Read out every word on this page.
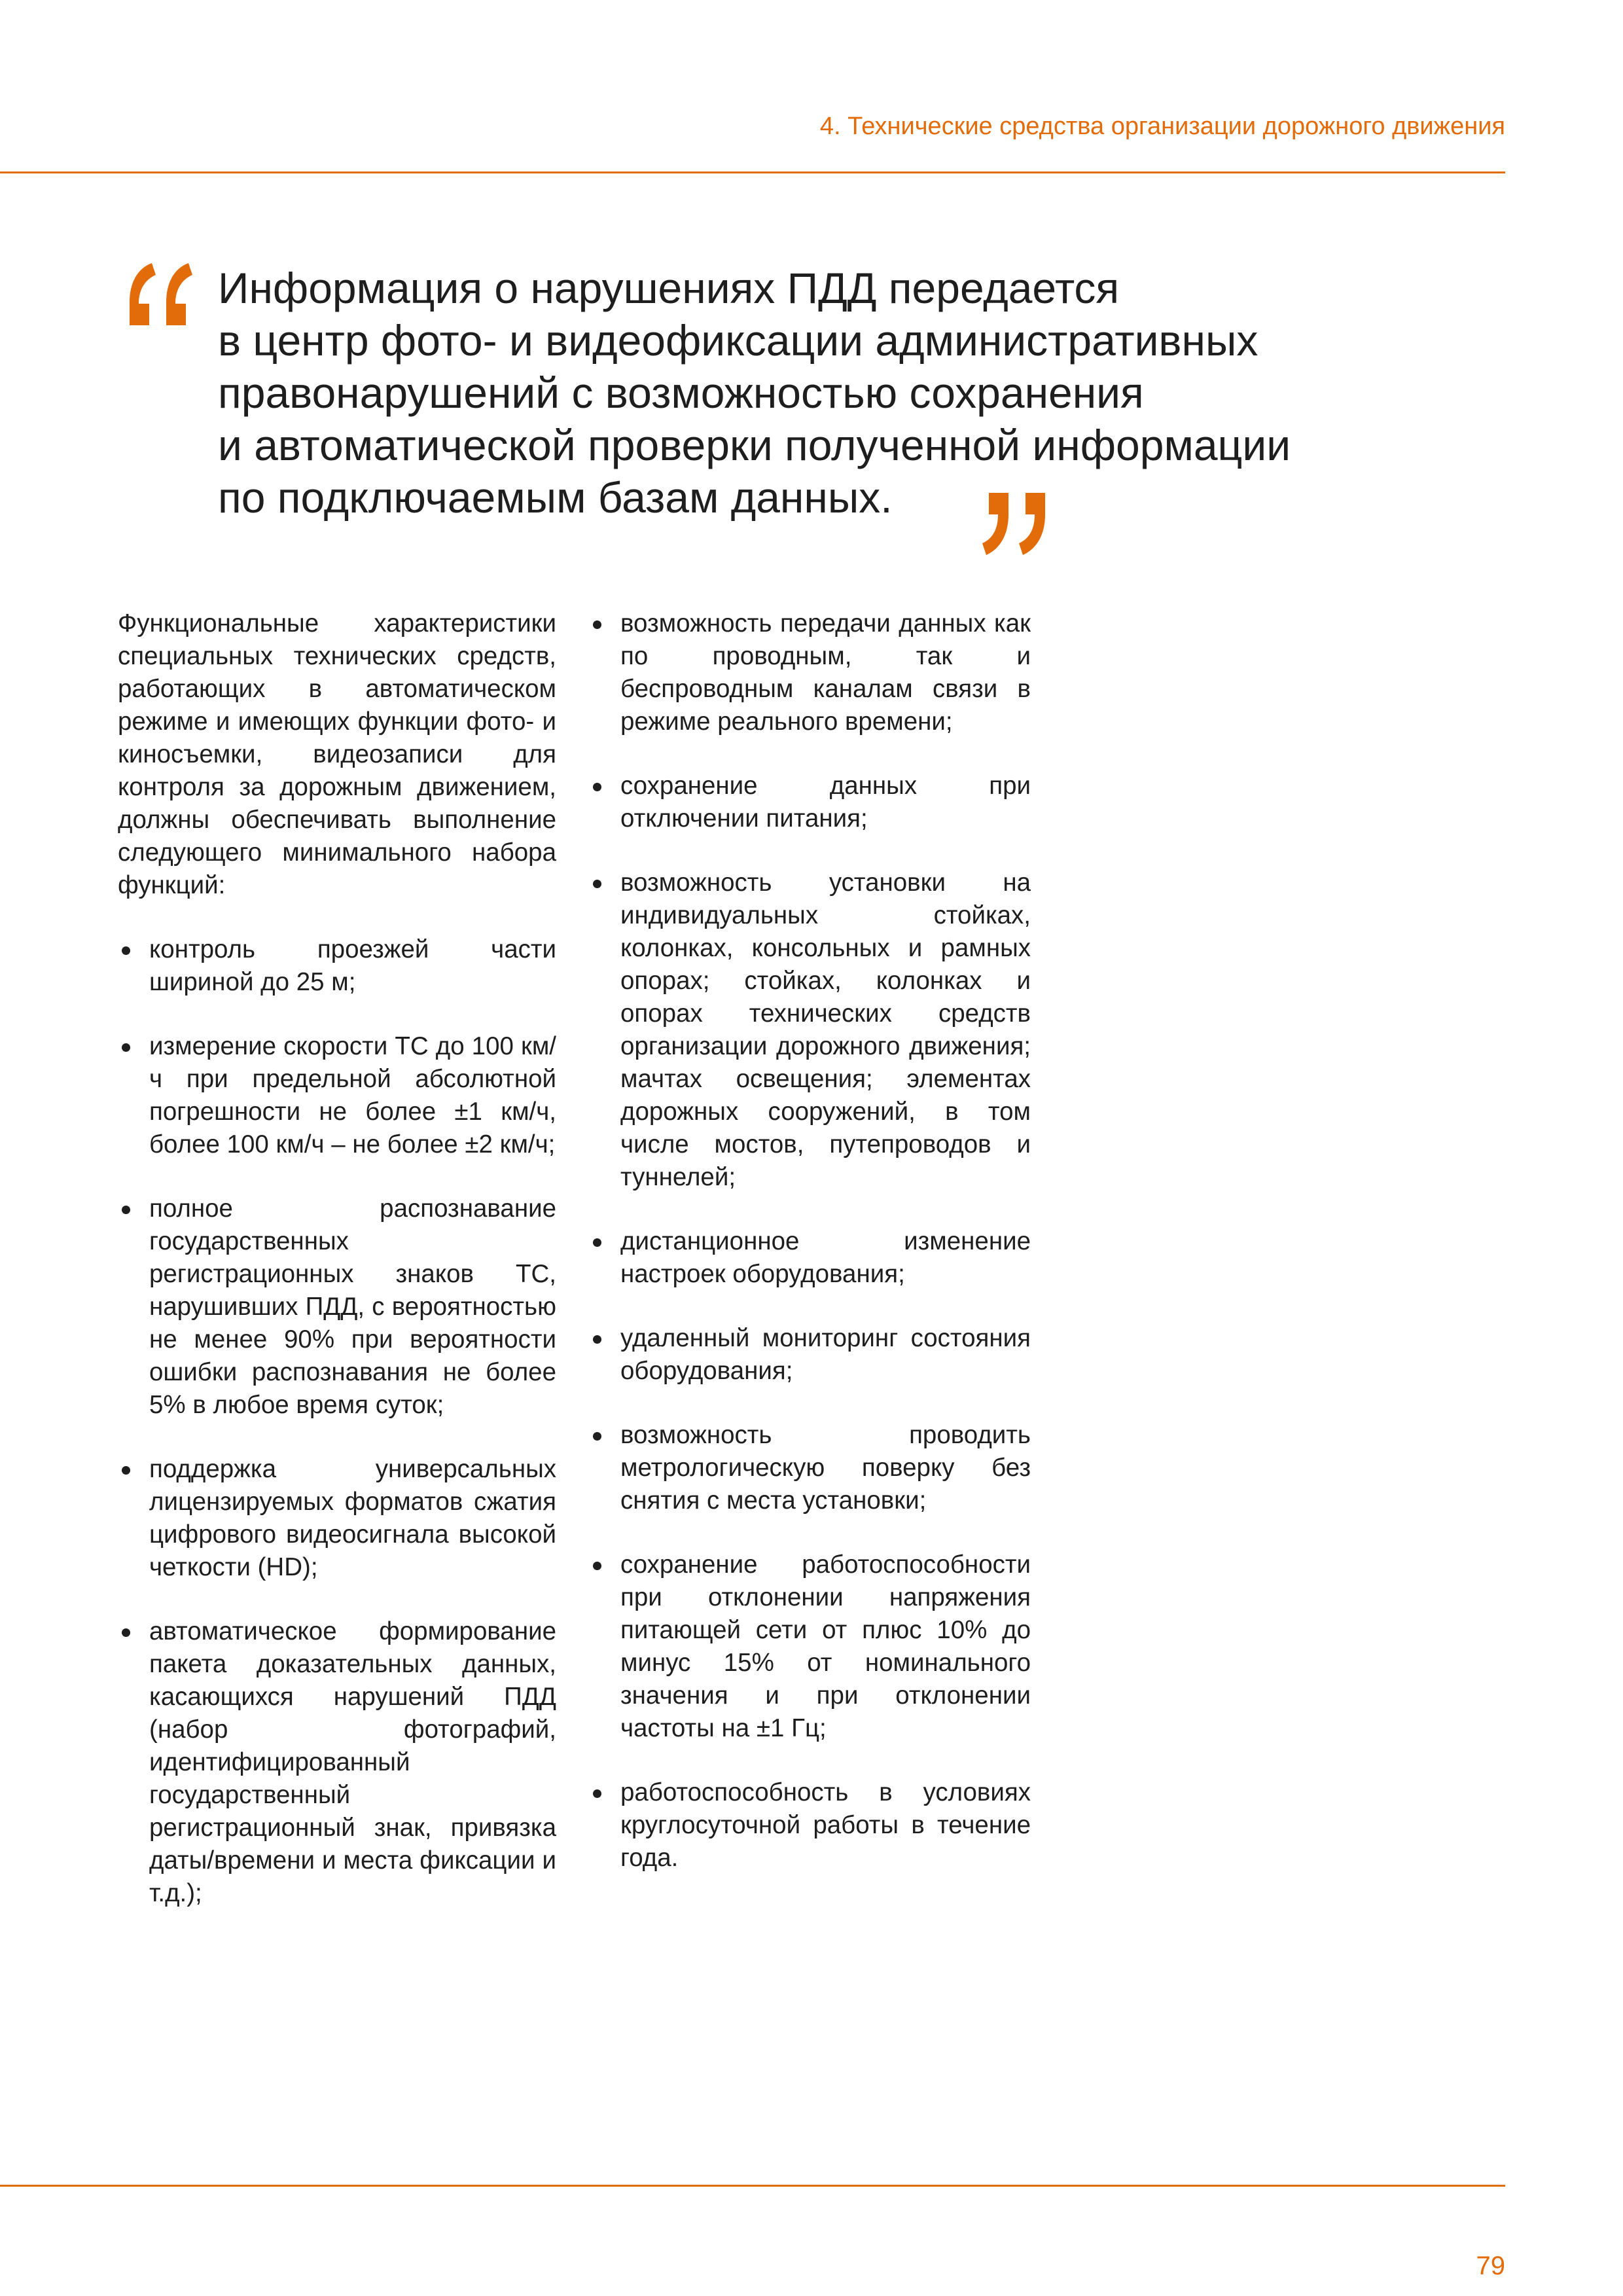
4. Технические средства организации дорожного движения
Информация о нарушениях ПДД передается
в центр фото- и видеофиксации административных
правонарушений с возможностью сохранения
и автоматической проверки полученной информации
по подключаемым базам данных.

Функциональные характеристики специальных технических средств, работающих в автоматическом режиме и имеющих функции фото- и киносъемки, видеозаписи для контроля за дорожным движением, должны обеспечивать выполнение следующего минимального набора функций:

контроль проезжей части шириной до 25 м;
измерение скорости ТС до 100 км/ч при предельной абсолютной погрешности не более ±1 км/ч, более 100 км/ч – не более ±2 км/ч;
полное распознавание государственных регистрационных знаков ТС, нарушивших ПДД, с вероятностью не менее 90% при вероятности ошибки распознавания не более 5% в любое время суток;
поддержка универсальных лицензируемых форматов сжатия цифрового видеосигнала высокой четкости (HD);
автоматическое формирование пакета доказательных данных, касающихся нарушений ПДД (набор фотографий, идентифицированный государственный регистрационный знак, привязка даты/времени и места фиксации и т.д.);
возможность передачи данных как по проводным, так и беспроводным каналам связи в режиме реального времени;
сохранение данных при отключении питания;
возможность установки на индивидуальных стойках, колонках, консольных и рамных опорах; стойках, колонках и опорах технических средств организации дорожного движения; мачтах освещения; элементах дорожных сооружений, в том числе мостов, путепроводов и туннелей;
дистанционное изменение настроек оборудования;
удаленный мониторинг состояния оборудования;
возможность проводить метрологическую поверку без снятия с места установки;
сохранение работоспособности при отклонении напряжения питающей сети от плюс 10% до минус 15% от номинального значения и при отклонении частоты на ±1 Гц;
работоспособность в условиях круглосуточной работы в течение года.
79
